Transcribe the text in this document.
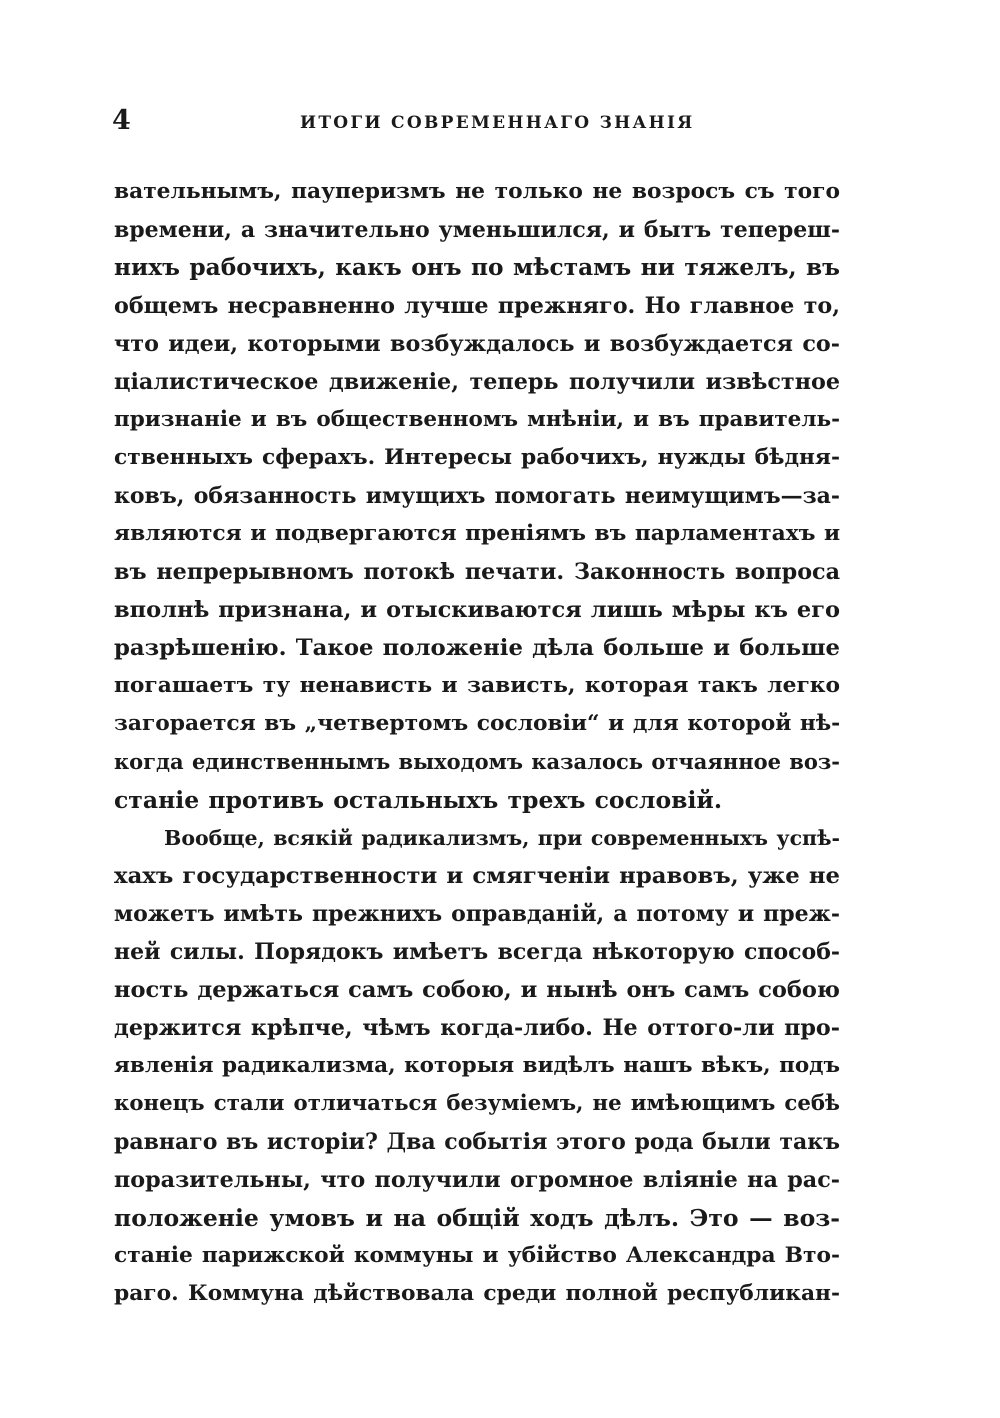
4	ИТОГИ СОВРЕМЕННАГО ЗНАНІЯ
вательнымъ, пауперизмъ не только не возросъ съ того
времени, а значительно уменьшился, и бытъ теперeш-
нихъ рабочихъ, какъ онъ по мѣстамъ ни тяжелъ, въ
общемъ несравненно лучше прежняго. Но главное то,
что идеи, которыми возбуждалось и возбуждается со-
ціалистическое движеніе, теперь получили извѣстное
признаніе и въ общественномъ мнѣніи, и въ правитель-
ственныхъ сферахъ. Интересы рабочихъ, нужды бѣдня-
ковъ, обязанность имущихъ помогать неимущимъ—за-
являются и подвергаются преніямъ въ парламентахъ и
въ непрерывномъ потокѣ печати. Законность вопроса
вполнѣ признана, и отыскиваются лишь мѣры къ его
разрѣшенію. Такое положеніе дѣла больше и больше
погашаетъ ту ненависть и зависть, которая такъ легко
загорается въ „четвертомъ сословіи“ и для которой нѣ-
когда единственнымъ выходомъ казалось отчаянное воз-
станіе противъ остальныхъ трехъ сословій.
Вообще, всякій радикализмъ, при современныхъ успѣ-
хахъ государственности и смягченіи нравовъ, уже не
можетъ имѣть прежнихъ оправданій, а потому и преж-
ней силы. Порядокъ имѣетъ всегда нѣкоторую способ-
ность держаться самъ собою, и нынѣ онъ самъ собою
держится крѣпче, чѣмъ когда-либо. Не оттого-ли про-
явленія радикализма, которыя видѣлъ нашъ вѣкъ, подъ
конецъ стали отличаться безуміемъ, не имѣющимъ себѣ
равнаго въ исторіи? Два событія этого рода были такъ
поразительны, что получили огромное вліяніе на рас-
положеніе умовъ и на общій ходъ дѣлъ. Это — воз-
станіе парижской коммуны и убійство Александра Вто-
раго. Коммуна дѣйствовала среди полной республикан-
